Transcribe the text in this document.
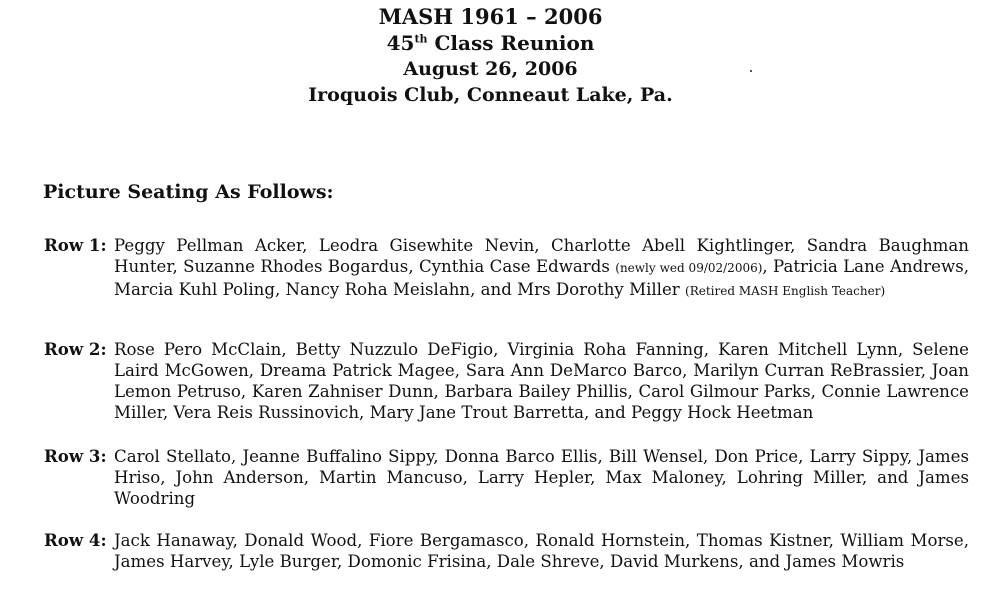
MASH 1961 – 2006
45th Class Reunion
August 26, 2006
Iroquois Club, Conneaut Lake, Pa.
Picture Seating As Follows:
Row 1: Peggy Pellman Acker, Leodra Gisewhite Nevin, Charlotte Abell Kightlinger, Sandra Baughman Hunter, Suzanne Rhodes Bogardus, Cynthia Case Edwards (newly wed 09/02/2006), Patricia Lane Andrews, Marcia Kuhl Poling, Nancy Roha Meislahn, and Mrs Dorothy Miller (Retired MASH English Teacher)
Row 2: Rose Pero McClain, Betty Nuzzulo DeFigio, Virginia Roha Fanning, Karen Mitchell Lynn, Selene Laird McGowen, Dreama Patrick Magee, Sara Ann DeMarco Barco, Marilyn Curran ReBrassier, Joan Lemon Petruso, Karen Zahniser Dunn, Barbara Bailey Phillis, Carol Gilmour Parks, Connie Lawrence Miller, Vera Reis Russinovich, Mary Jane Trout Barretta, and Peggy Hock Heetman
Row 3: Carol Stellato, Jeanne Buffalino Sippy, Donna Barco Ellis, Bill Wensel, Don Price, Larry Sippy, James Hriso, John Anderson, Martin Mancuso, Larry Hepler, Max Maloney, Lohring Miller, and James Woodring
Row 4: Jack Hanaway, Donald Wood, Fiore Bergamasco, Ronald Hornstein, Thomas Kistner, William Morse, James Harvey, Lyle Burger, Domonic Frisina, Dale Shreve, David Murkens, and James Mowris
